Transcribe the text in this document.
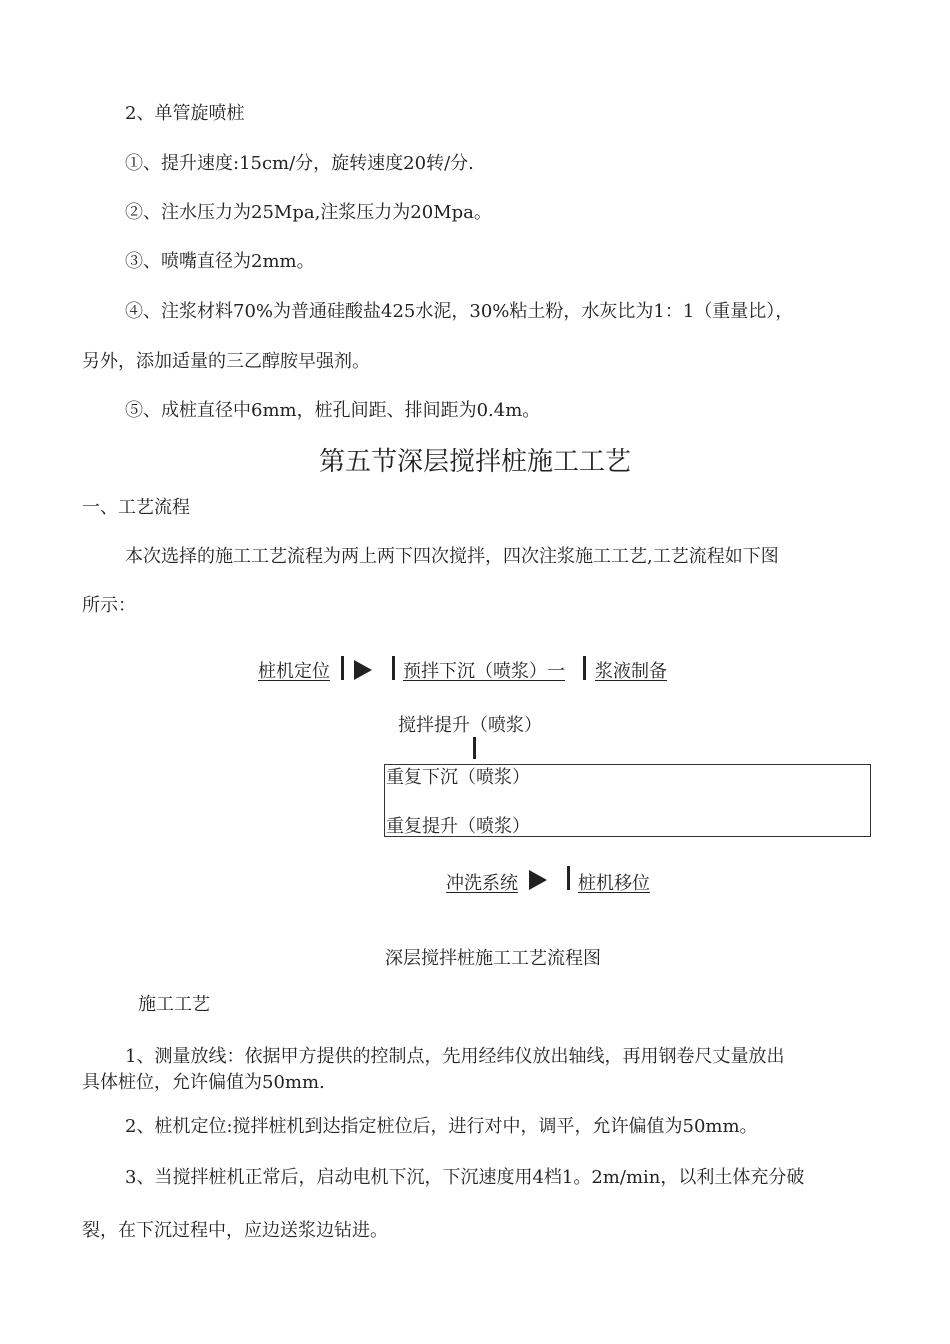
2、单管旋喷桩

①、提升速度:15cm/分，旋转速度20转/分.

②、注水压力为25Mpa,注浆压力为20Mpa。

③、喷嘴直径为2mm。

④、注浆材料70%为普通硅酸盐425水泥，30%粘土粉，水灰比为1：1（重量比），

另外，添加适量的三乙醇胺早强剂。

⑤、成桩直径中6mm，桩孔间距、排间距为0.4m。

第五节深层搅拌桩施工工艺

一、工艺流程

本次选择的施工工艺流程为两上两下四次搅拌，四次注浆施工工艺,工艺流程如下图

所示：

桩机定位	预拌下沉（喷浆）一 浆液制备

搅拌提升（喷浆）

重复下沉（喷浆）

重复提升（喷浆）

冲洗系统	桩机移位

深层搅拌桩施工工艺流程图

施工工艺

1、测量放线：依据甲方提供的控制点，先用经纬仪放出轴线，再用钢卷尺丈量放出

具体桩位，允许偏值为50mm.

2、桩机定位:搅拌桩机到达指定桩位后，进行对中，调平，允许偏值为50mm。

3、当搅拌桩机正常后，启动电机下沉，下沉速度用4档1。2m/min，以利土体充分破

裂，在下沉过程中，应边送浆边钻进。
